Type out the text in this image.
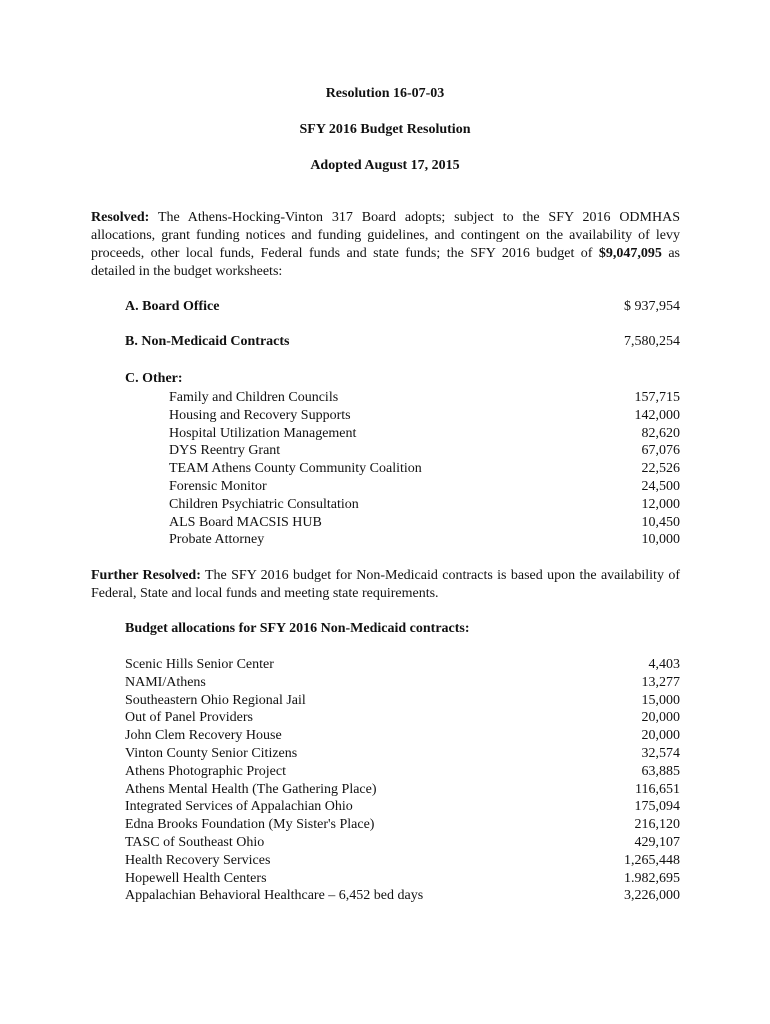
Resolution 16-07-03
SFY 2016 Budget Resolution
Adopted August 17, 2015
Resolved: The Athens-Hocking-Vinton 317 Board adopts; subject to the SFY 2016 ODMHAS allocations, grant funding notices and funding guidelines, and contingent on the availability of levy proceeds, other local funds, Federal funds and state funds; the SFY 2016 budget of $9,047,095 as detailed in the budget worksheets:
A. Board Office	$ 937,954
B. Non-Medicaid Contracts	7,580,254
C. Other:
Family and Children Councils	157,715
Housing and Recovery Supports	142,000
Hospital Utilization Management	82,620
DYS Reentry Grant	67,076
TEAM Athens County Community Coalition	22,526
Forensic Monitor	24,500
Children Psychiatric Consultation	12,000
ALS Board MACSIS HUB	10,450
Probate Attorney	10,000
Further Resolved: The SFY 2016 budget for Non-Medicaid contracts is based upon the availability of Federal, State and local funds and meeting state requirements.
Budget allocations for SFY 2016 Non-Medicaid contracts:
Scenic Hills Senior Center	4,403
NAMI/Athens	13,277
Southeastern Ohio Regional Jail	15,000
Out of Panel Providers	20,000
John Clem Recovery House	20,000
Vinton County Senior Citizens	32,574
Athens Photographic Project	63,885
Athens Mental Health (The Gathering Place)	116,651
Integrated Services of Appalachian Ohio	175,094
Edna Brooks Foundation (My Sister's Place)	216,120
TASC of Southeast Ohio	429,107
Health Recovery Services	1,265,448
Hopewell Health Centers	1.982,695
Appalachian Behavioral Healthcare – 6,452 bed days	3,226,000
